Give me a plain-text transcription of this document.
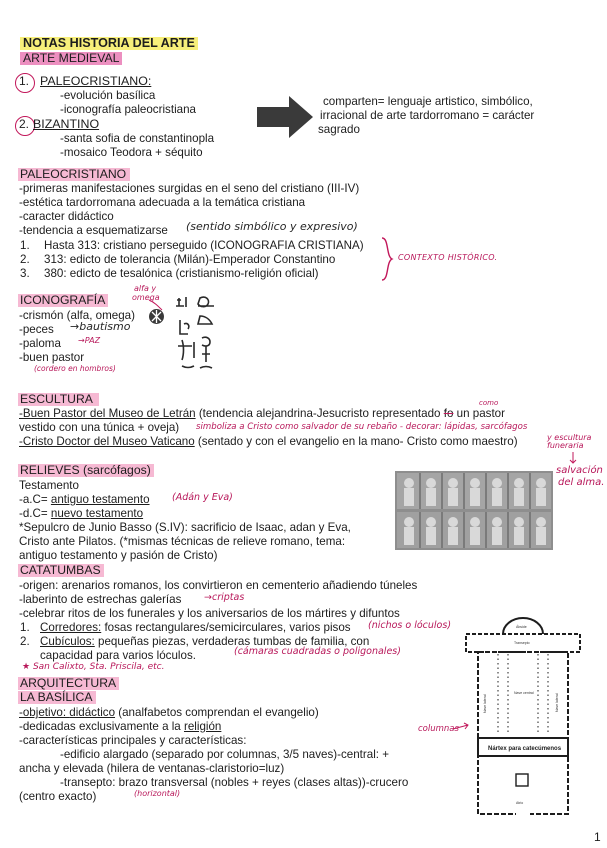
NOTAS HISTORIA DEL ARTE
ARTE MEDIEVAL
1. PALEOCRISTIANO:
-evolución basílica
-iconografía paleocristiana
2. BIZANTINO
-santa sofia de constantinopla
-mosaico Teodora + séquito
comparten= lenguaje artistico, simbólico,
irracional de arte tardorromano = carácter
sagrado
PALEOCRISTIANO
-primeras manifestaciones surgidas en el seno del cristiano (III-IV)
-estética tardorromana adecuada a la temática cristiana
-caracter didáctico
-tendencia a esquematizarse (sentido simbólico y expresivo)
1. Hasta 313: cristiano perseguido (ICONOGRAFIA CRISTIANA)
2. 313: edicto de tolerancia (Milán)-Emperador Constantino
3. 380: edicto de tesalónica (cristianismo-religión oficial)
CONTEXTO HISTÓRICO.
ICONOGRAFÍA
alfa y
omega
-crismón (alfa, omega)
-peces →bautismo
-paloma →PAZ
-buen pastor
(cordero en hombros)
ESCULTURA
-Buen Pastor del Museo de Letrán (tendencia alejandrina-Jesucristo representado fo un pastor
como
vestido con una túnica + oveja) simboliza a Cristo como salvador de su rebaño - decorar: lápidas, sarcófagos
-Cristo Doctor del Museo Vaticano (sentado y con el evangelio en la mano- Cristo como maestro)	y escultura funeraria
salvación
del alma.
RELIEVES (sarcófagos)
Testamento
-a.C= antiguo testamento (Adán y Eva)
-d.C= nuevo testamento
*Sepulcro de Junio Basso (S.IV): sacrificio de Isaac, adan y Eva,
Cristo ante Pilatos. (*mismas técnicas de relieve romano, tema:
antiguo testamento y pasión de Cristo)
CATATUMBAS
-origen: arenarios romanos, los convirtieron en cementerio añadiendo túneles
-laberinto de estrechas galerías →criptas
-celebrar ritos de los funerales y los aniversarios de los mártires y difuntos
1. Corredores: fosas rectangulares/semicirculares, varios pisos (nichos o lóculos)
2. Cubículos: pequeñas piezas, verdaderas tumbas de familia, con
capacidad para varios lóculos.	(cámaras cuadradas o poligonales)
★ San Calixto, Sta. Priscila, etc.
ARQUITECTURA
LA BASÍLICA
-objetivo: didáctico (analfabetos comprendan el evangelio)
-dedicadas exclusivamente a la religión
-características principales y características:
-edificio alargado (separado por columnas, 3/5 naves)-central: +
ancha y elevada (hilera de ventanas-claristorio=luz)
-transepto: brazo transversal (nobles + reyes (clases altas))-crucero
(horizontal)
(centro exacto)
columnas
Ábside
Transepto
Nave central
Nave lateral	Nave lateral
Atrio
Nártex para catecúmenos
1
